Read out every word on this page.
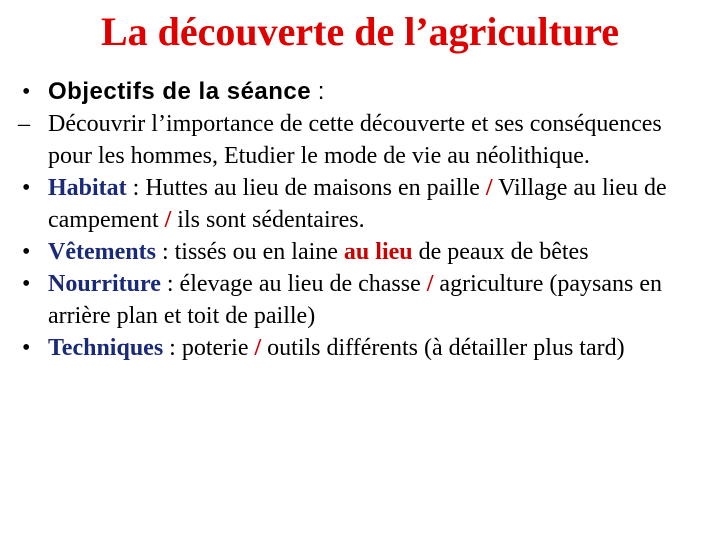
La découverte de l’agriculture
• Objectifs de la séance :
– Découvrir l’importance de cette découverte et ses conséquences pour les hommes, Etudier le mode de vie au néolithique.
• Habitat : Huttes au lieu de maisons en paille / Village au lieu de campement / ils sont sédentaires.
• Vêtements : tissés ou en laine au lieu de peaux de bêtes
• Nourriture : élevage au lieu de chasse / agriculture (paysans en arrière plan et toit de paille)
• Techniques : poterie / outils différents (à détailler plus tard)
